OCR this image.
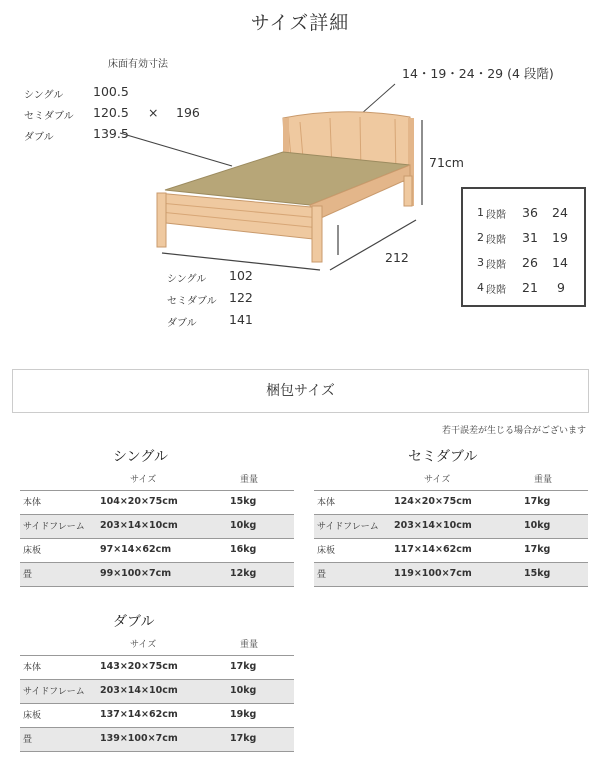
サイズ詳細
床面有効寸法
シングル 100.5
セミダブル 120.5
ダブル	139.5
× 196
14・19・24・29 (4 段階)
71cm
212
シングル 102
セミダブル 122
ダブル	141
1 段階 36 24
2 段階 31 19
3 段階 26 14
4 段階 21 9
梱包サイズ
若干誤差が生じる場合がございます
シングル
サイズ	重量
本体	104×20×75cm	15kg
サイドフレーム 203×14×10cm	10kg
床板	97×14×62cm	16kg
畳	99×100×7cm	12kg
セミダブル
サイズ	重量
本体	124×20×75cm	17kg
サイドフレーム 203×14×10cm	10kg
床板	117×14×62cm	17kg
畳	119×100×7cm	15kg
ダブル
サイズ	重量
本体	143×20×75cm	17kg
サイドフレーム 203×14×10cm	10kg
床板	137×14×62cm	19kg
畳	139×100×7cm	17kg
